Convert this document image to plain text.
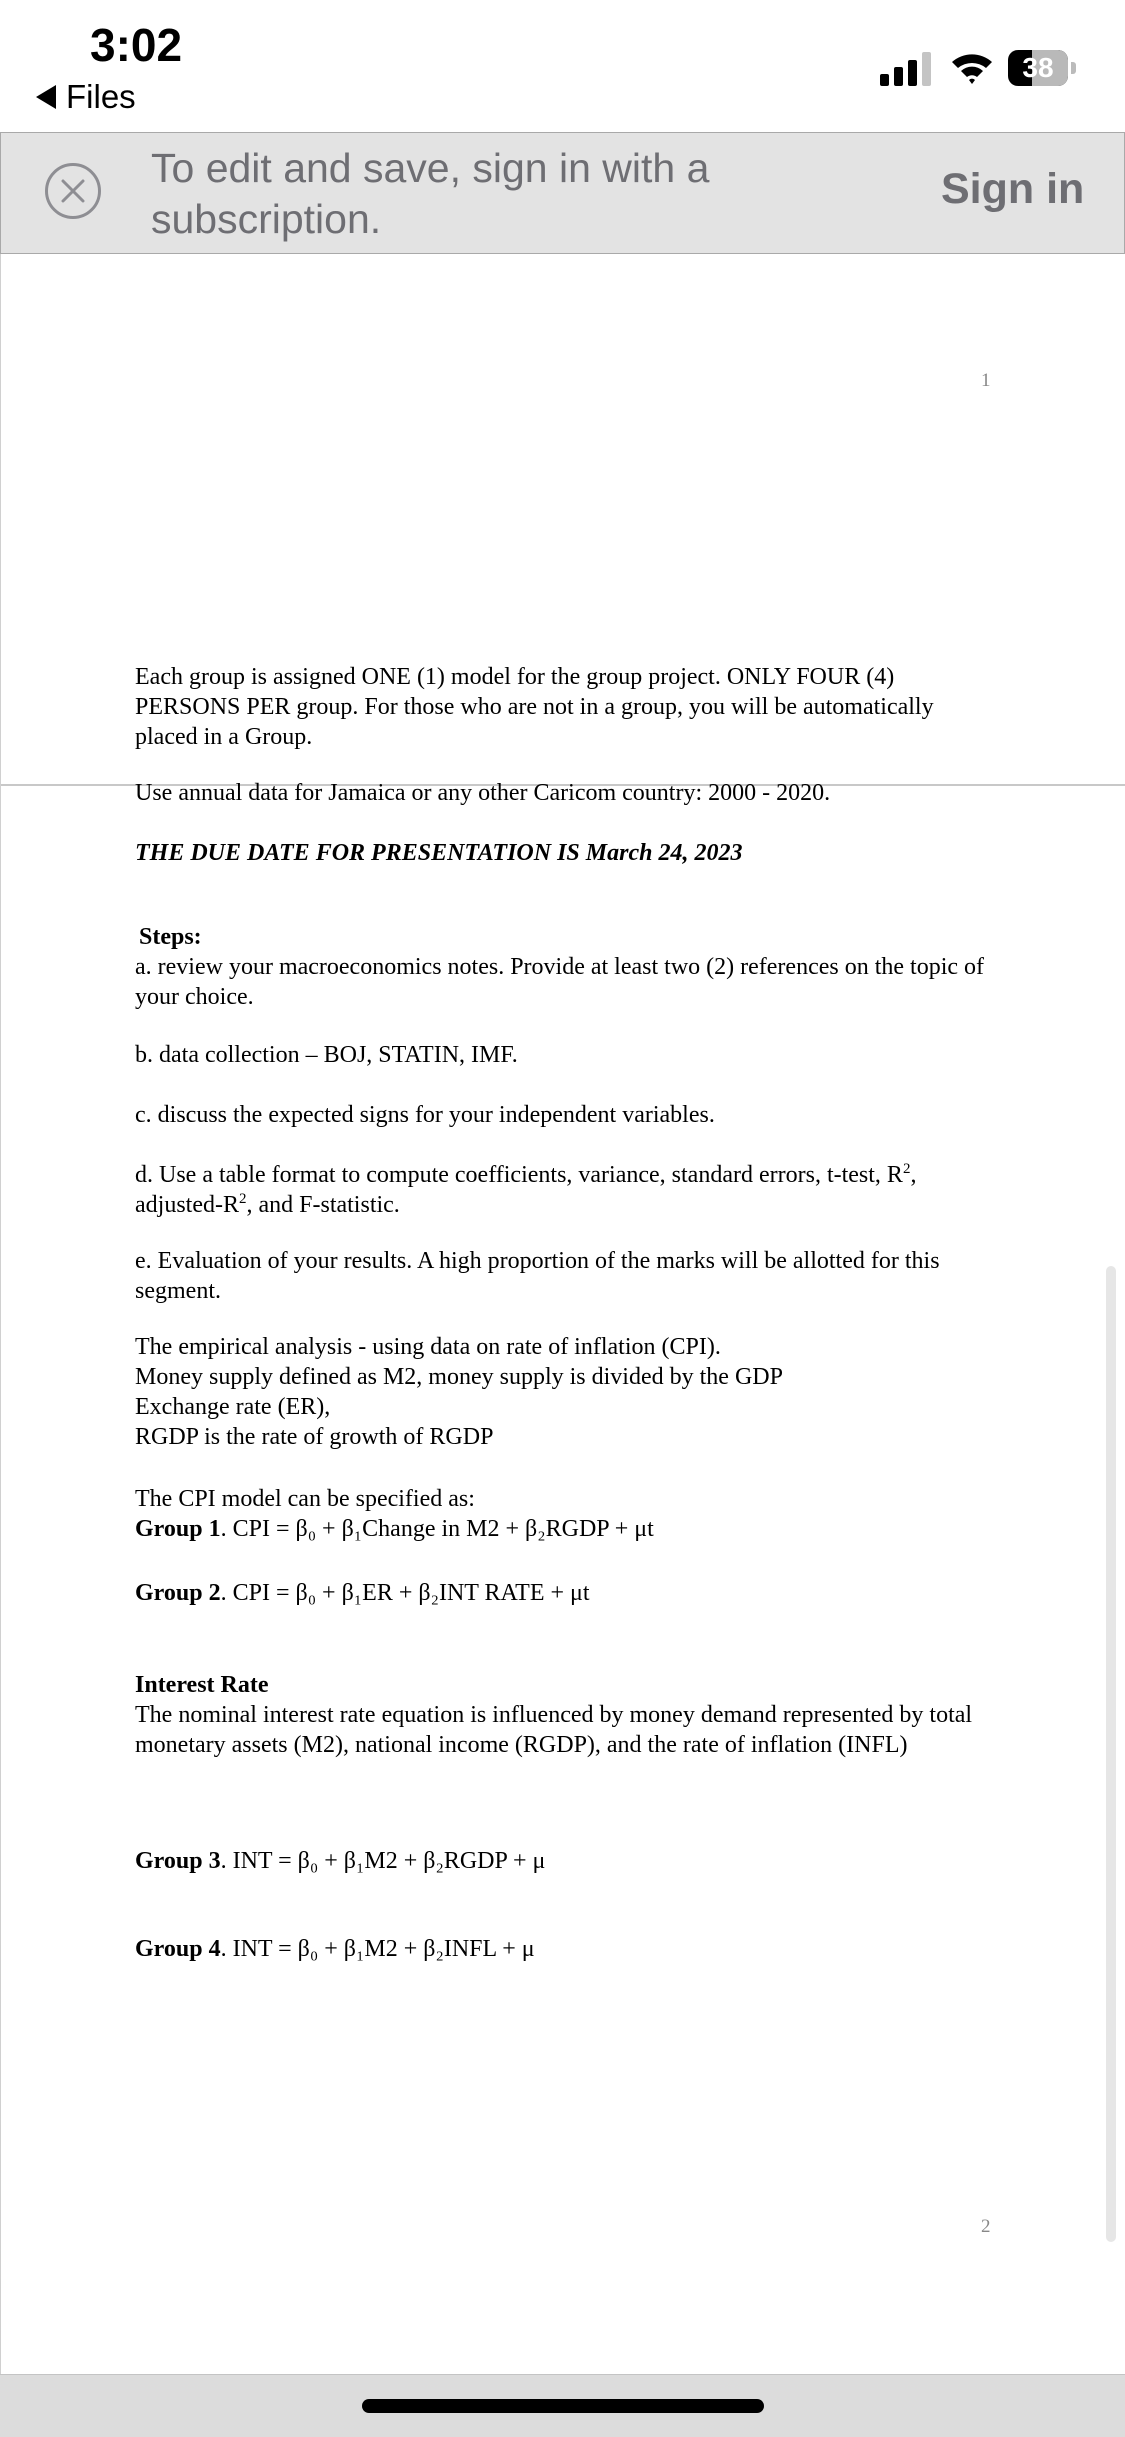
3:02
Files
38
To edit and save, sign in with a
subscription.
Sign in
1
Each group is assigned ONE (1) model for the group project. ONLY FOUR (4) PERSONS PER group. For those who are not in a group, you will be automatically placed in a Group.
Use annual data for Jamaica or any other Caricom country: 2000 - 2020.
THE DUE DATE FOR PRESENTATION IS March 24, 2023
Steps:
a. review your macroeconomics notes. Provide at least two (2) references on the topic of your choice.
b. data collection – BOJ, STATIN, IMF.
c. discuss the expected signs for your independent variables.
d. Use a table format to compute coefficients, variance, standard errors, t-test, $R^2$,
adjusted-$R^2$, and F-statistic.
e. Evaluation of your results. A high proportion of the marks will be allotted for this segment.
The empirical analysis - using data on rate of inflation (CPI).
Money supply defined as M2, money supply is divided by the GDP
Exchange rate (ER),
RGDP is the rate of growth of RGDP
The CPI model can be specified as:
Group 1. CPI = β₀ + β₁Change in M2 + β₂RGDP + μt
Group 2. CPI = β₀ + β₁ER + β₂INT RATE + μt
Interest Rate
The nominal interest rate equation is influenced by money demand represented by total monetary assets (M2), national income (RGDP), and the rate of inflation (INFL)
Group 3. INT = β₀ + β₁M2 + β₂RGDP + μ
Group 4. INT = β₀ + β₁M2 + β₂INFL + μ
2
